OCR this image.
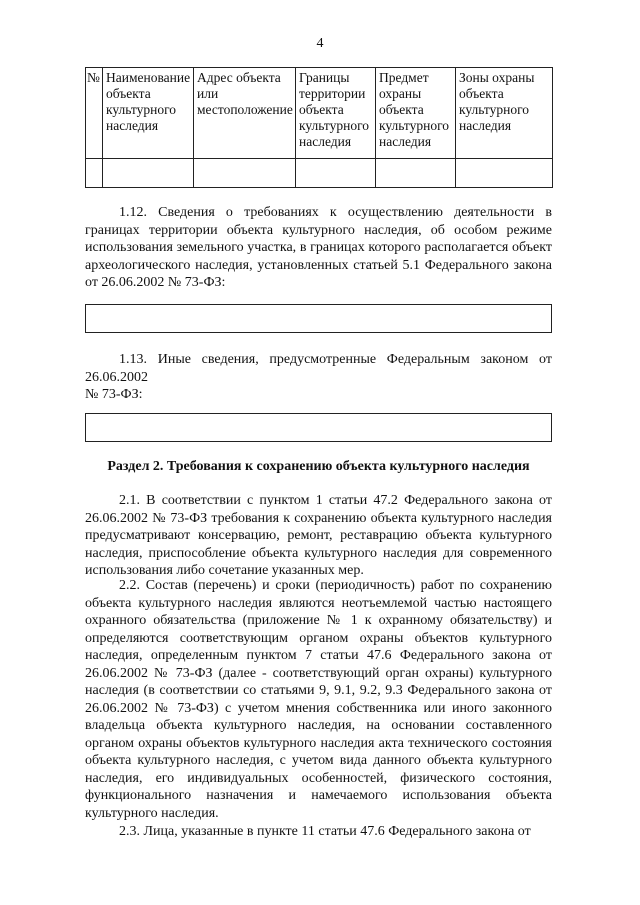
4
№	Наименование объекта культурного наследия	Адрес объекта или местоположение	Границы территории объекта культурного наследия	Предмет охраны объекта культурного наследия	Зоны охраны объекта культурного наследия

1.12. Сведения о требованиях к осуществлению деятельности в границах территории объекта культурного наследия, об особом режиме использования земельного участка, в границах которого располагается объект археологического наследия, установленных статьей 5.1 Федерального закона от 26.06.2002 № 73-ФЗ:

1.13. Иные сведения, предусмотренные Федеральным законом от 26.06.2002
№ 73-ФЗ:

Раздел 2. Требования к сохранению объекта культурного наследия

2.1. В соответствии с пунктом 1 статьи 47.2 Федерального закона от 26.06.2002 № 73-ФЗ требования к сохранению объекта культурного наследия предусматривают консервацию, ремонт, реставрацию объекта культурного наследия, приспособление объекта культурного наследия для современного использования либо сочетание указанных мер.

2.2. Состав (перечень) и сроки (периодичность) работ по сохранению объекта культурного наследия являются неотъемлемой частью настоящего охранного обязательства (приложение № 1 к охранному обязательству) и определяются соответствующим органом охраны объектов культурного наследия, определенным пунктом 7 статьи 47.6 Федерального закона от 26.06.2002 № 73-ФЗ (далее - соответствующий орган охраны) культурного наследия (в соответствии со статьями 9, 9.1, 9.2, 9.3 Федерального закона от 26.06.2002 № 73-ФЗ) с учетом мнения собственника или иного законного владельца объекта культурного наследия, на основании составленного органом охраны объектов культурного наследия акта технического состояния объекта культурного наследия, с учетом вида данного объекта культурного наследия, его индивидуальных особенностей, физического состояния, функционального назначения и намечаемого использования объекта культурного наследия.

2.3. Лица, указанные в пункте 11 статьи 47.6 Федерального закона от
